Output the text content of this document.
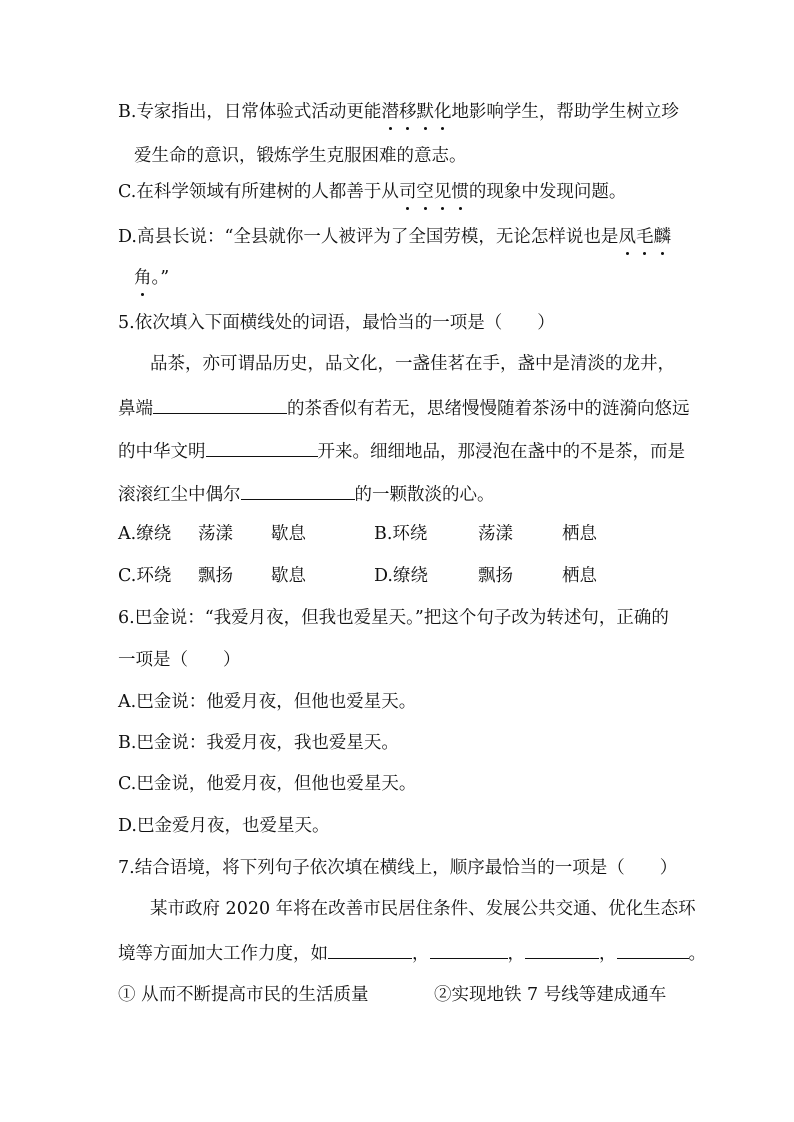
B.专家指出，日常体验式活动更能潜移默化地影响学生，帮助学生树立珍
爱生命的意识，锻炼学生克服困难的意志。
C.在科学领域有所建树的人都善于从司空见惯的现象中发现问题。
D.高县长说：“全县就你一人被评为了全国劳模，无论怎样说也是凤毛麟
角。”
5.依次填入下面横线处的词语，最恰当的一项是（　　）
品茶，亦可谓品历史，品文化，一盏佳茗在手，盏中是清淡的龙井，
鼻端	的茶香似有若无，思绪慢慢随着茶汤中的涟漪向悠远
的中华文明	开来。细细地品，那浸泡在盏中的不是茶，而是
滚滚红尘中偶尔	的一颗散淡的心。
A.缭绕 荡漾 歇息	B.环绕	荡漾	栖息
C.环绕 飘扬 歇息	D.缭绕	飘扬	栖息
6.巴金说：“我爱月夜，但我也爱星天。”把这个句子改为转述句，正确的
一项是（　　）
A.巴金说：他爱月夜，但他也爱星天。
B.巴金说：我爱月夜，我也爱星天。
C.巴金说，他爱月夜，但他也爱星天。
D.巴金爱月夜，也爱星天。
7.结合语境，将下列句子依次填在横线上，顺序最恰当的一项是（　　）
某市政府 2020 年将在改善市民居住条件、发展公共交通、优化生态环
境等方面加大工作力度，如	，	，	，	。
① 从而不断提高市民的生活质量	②实现地铁 7 号线等建成通车
